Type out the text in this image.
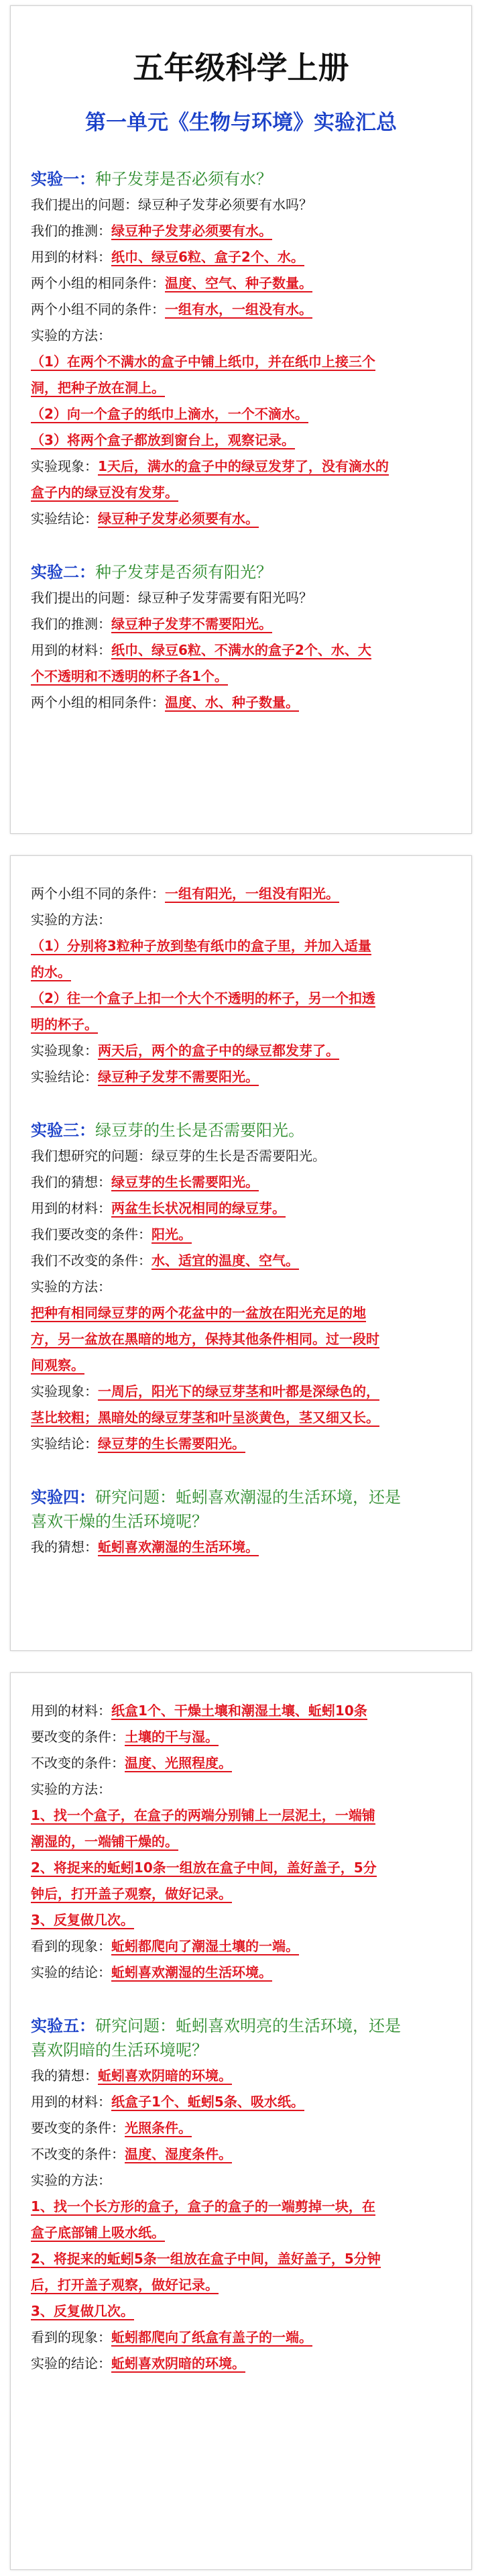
五年级科学上册
第一单元《生物与环境》实验汇总

实验一：种子发芽是否必须有水？

我们提出的问题：绿豆种子发芽必须要有水吗？

我们的推测：绿豆种子发芽必须要有水。

用到的材料：纸巾、绿豆6粒、盒子2个、水。

两个小组的相同条件：温度、空气、种子数量。

两个小组不同的条件：一组有水，一组没有水。

实验的方法：

（1）在两个不满水的盒子中铺上纸巾，并在纸巾上接三个

洞，把种子放在洞上。

（2）向一个盒子的纸巾上滴水，一个不滴水。

（3）将两个盒子都放到窗台上，观察记录。

实验现象：1天后，满水的盒子中的绿豆发芽了，没有滴水的

盒子内的绿豆没有发芽。

实验结论：绿豆种子发芽必须要有水。

实验二：种子发芽是否须有阳光？

我们提出的问题：绿豆种子发芽需要有阳光吗？

我们的推测：绿豆种子发芽不需要阳光。

用到的材料：纸巾、绿豆6粒、不满水的盒子2个、水、大

个不透明和不透明的杯子各1个。

两个小组的相同条件：温度、水、种子数量。

两个小组不同的条件：一组有阳光，一组没有阳光。

实验的方法：

（1）分别将3粒种子放到垫有纸巾的盒子里，并加入适量

的水。

（2）往一个盒子上扣一个大个不透明的杯子，另一个扣透

明的杯子。

实验现象：两天后，两个的盒子中的绿豆都发芽了。

实验结论：绿豆种子发芽不需要阳光。

实验三：绿豆芽的生长是否需要阳光。

我们想研究的问题：绿豆芽的生长是否需要阳光。

我们的猜想：绿豆芽的生长需要阳光。

用到的材料：两盆生长状况相同的绿豆芽。

我们要改变的条件：阳光。

我们不改变的条件：水、适宜的温度、空气。

实验的方法：

把种有相同绿豆芽的两个花盆中的一盆放在阳光充足的地

方，另一盆放在黑暗的地方，保持其他条件相同。过一段时

间观察。

实验现象：一周后，阳光下的绿豆芽茎和叶都是深绿色的，

茎比较粗；黑暗处的绿豆芽茎和叶呈淡黄色，茎又细又长。

实验结论：绿豆芽的生长需要阳光。

实验四：研究问题：蚯蚓喜欢潮湿的生活环境，还是

喜欢干燥的生活环境呢？

我的猜想：蚯蚓喜欢潮湿的生活环境。

用到的材料：纸盒1个、干燥土壤和潮湿土壤、蚯蚓10条

要改变的条件：土壤的干与湿。

不改变的条件：温度、光照程度。

实验的方法：

1、找一个盒子，在盒子的两端分别铺上一层泥土，一端铺

潮湿的，一端铺干燥的。

2、将捉来的蚯蚓10条一组放在盒子中间，盖好盖子，5分

钟后，打开盖子观察，做好记录。

3、反复做几次。

看到的现象：蚯蚓都爬向了潮湿土壤的一端。

实验的结论：蚯蚓喜欢潮湿的生活环境。

实验五：研究问题：蚯蚓喜欢明亮的生活环境，还是

喜欢阴暗的生活环境呢？

我的猜想：蚯蚓喜欢阴暗的环境。

用到的材料：纸盒子1个、蚯蚓5条、吸水纸。

要改变的条件：光照条件。

不改变的条件：温度、湿度条件。

实验的方法：

1、找一个长方形的盒子，盒子的盒子的一端剪掉一块，在

盒子底部铺上吸水纸。

2、将捉来的蚯蚓5条一组放在盒子中间，盖好盖子，5分钟

后，打开盖子观察，做好记录。

3、反复做几次。

看到的现象：蚯蚓都爬向了纸盒有盖子的一端。

实验的结论：蚯蚓喜欢阴暗的环境。
